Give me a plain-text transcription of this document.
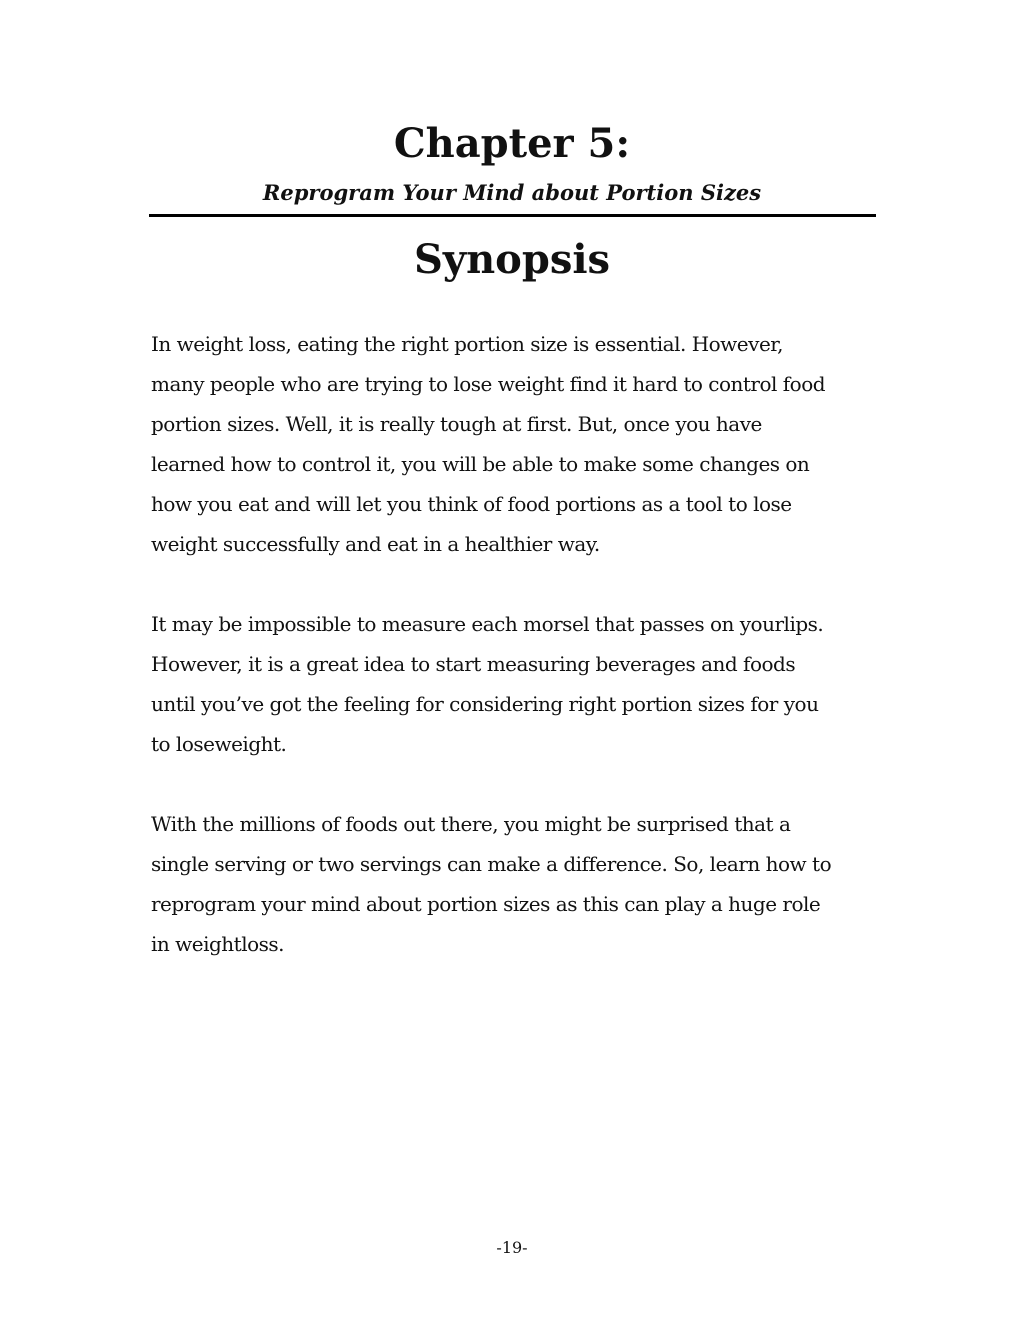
Chapter 5:
Reprogram Your Mind about Portion Sizes
Synopsis

In weight loss, eating the right portion size is essential. However,
many people who are trying to lose weight find it hard to control food
portion sizes. Well, it is really tough at first. But, once you have
learned how to control it, you will be able to make some changes on
how you eat and will let you think of food portions as a tool to lose
weight successfully and eat in a healthier way.

It may be impossible to measure each morsel that passes on yourlips.
However, it is a great idea to start measuring beverages and foods
until you’ve got the feeling for considering right portion sizes for you
to loseweight.

With the millions of foods out there, you might be surprised that a
single serving or two servings can make a difference. So, learn how to
reprogram your mind about portion sizes as this can play a huge role
in weightloss.

-19-
